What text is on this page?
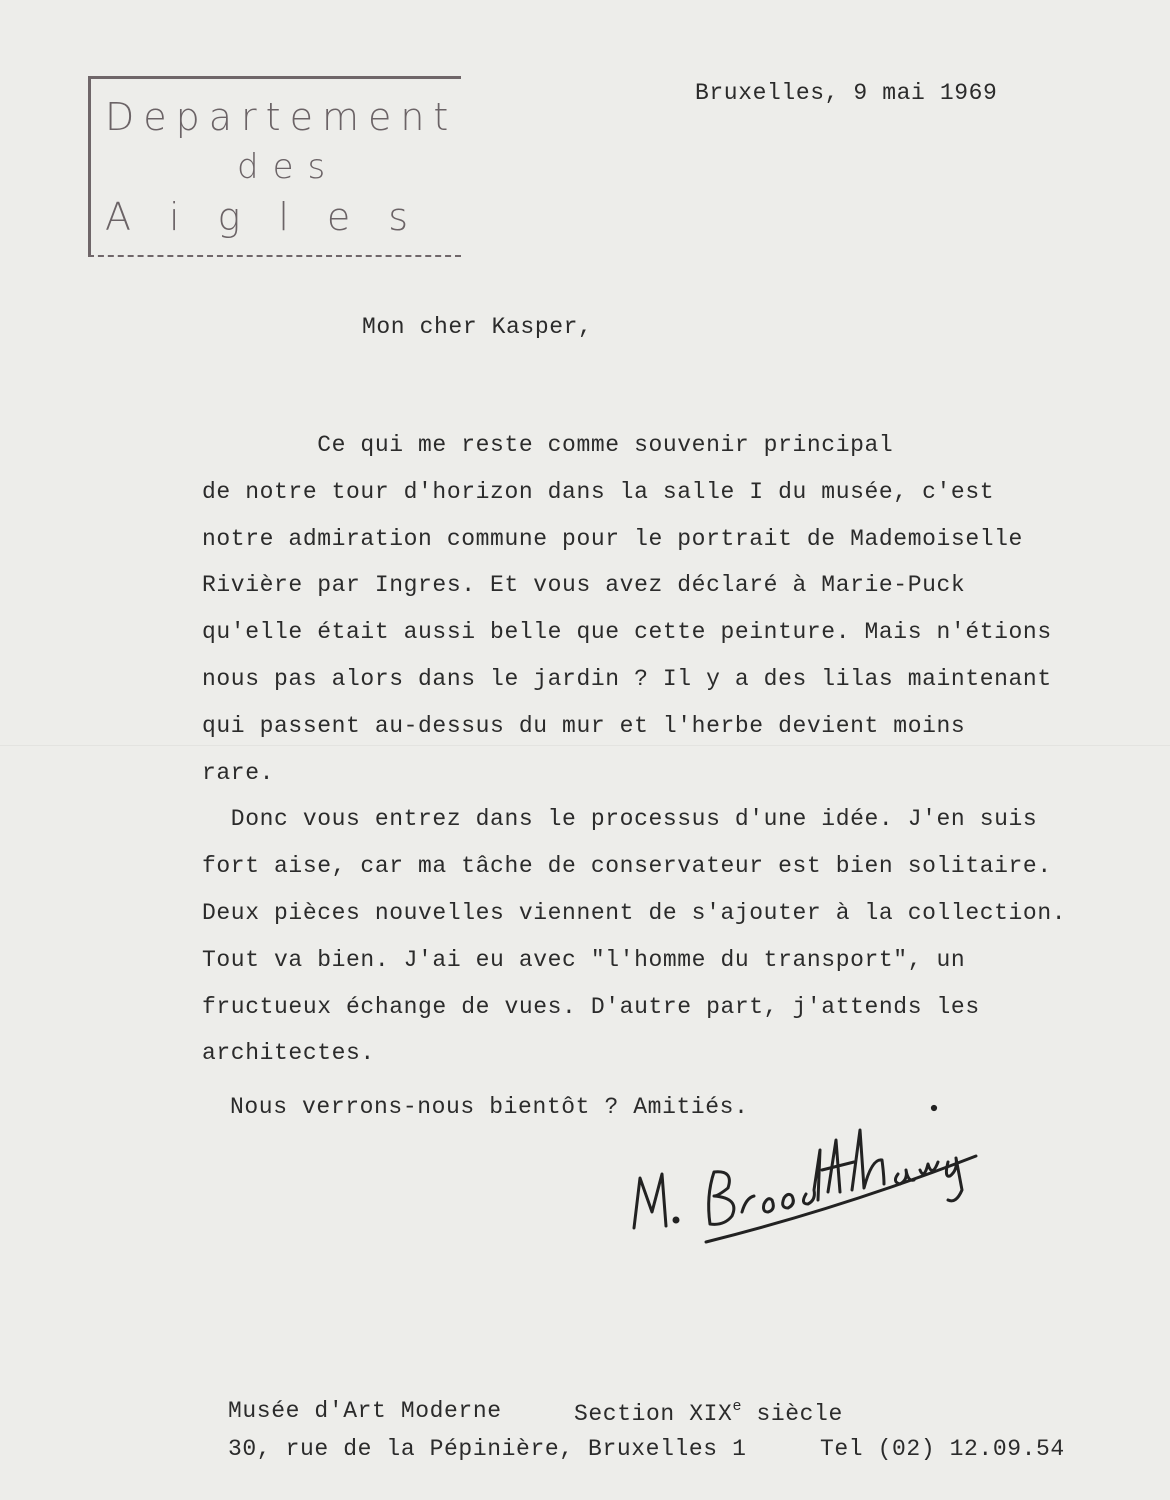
Departement
des
Aigles
Bruxelles, 9 mai 1969
Mon cher Kasper,
Ce qui me reste comme souvenir principal
de notre tour d'horizon dans la salle I du musée, c'est
notre admiration commune pour le portrait de Mademoiselle
Rivière par Ingres. Et vous avez déclaré à Marie-Puck
qu'elle était aussi belle que cette peinture. Mais n'étions
nous pas alors dans le jardin ? Il y a des lilas maintenant
qui passent au-dessus du mur et l'herbe devient moins
rare.
Donc vous entrez dans le processus d'une idée. J'en suis
fort aise, car ma tâche de conservateur est bien solitaire.
Deux pièces nouvelles viennent de s'ajouter à la collection.
Tout va bien. J'ai eu avec "l'homme du transport", un
fructueux échange de vues. D'autre part, j'attends les
architectes.
Nous verrons-nous bientôt ? Amitiés.
Musée d'Art Moderne	Section XIXe siècle
30, rue de la Pépinière, Bruxelles 1	Tel (02) 12.09.54
